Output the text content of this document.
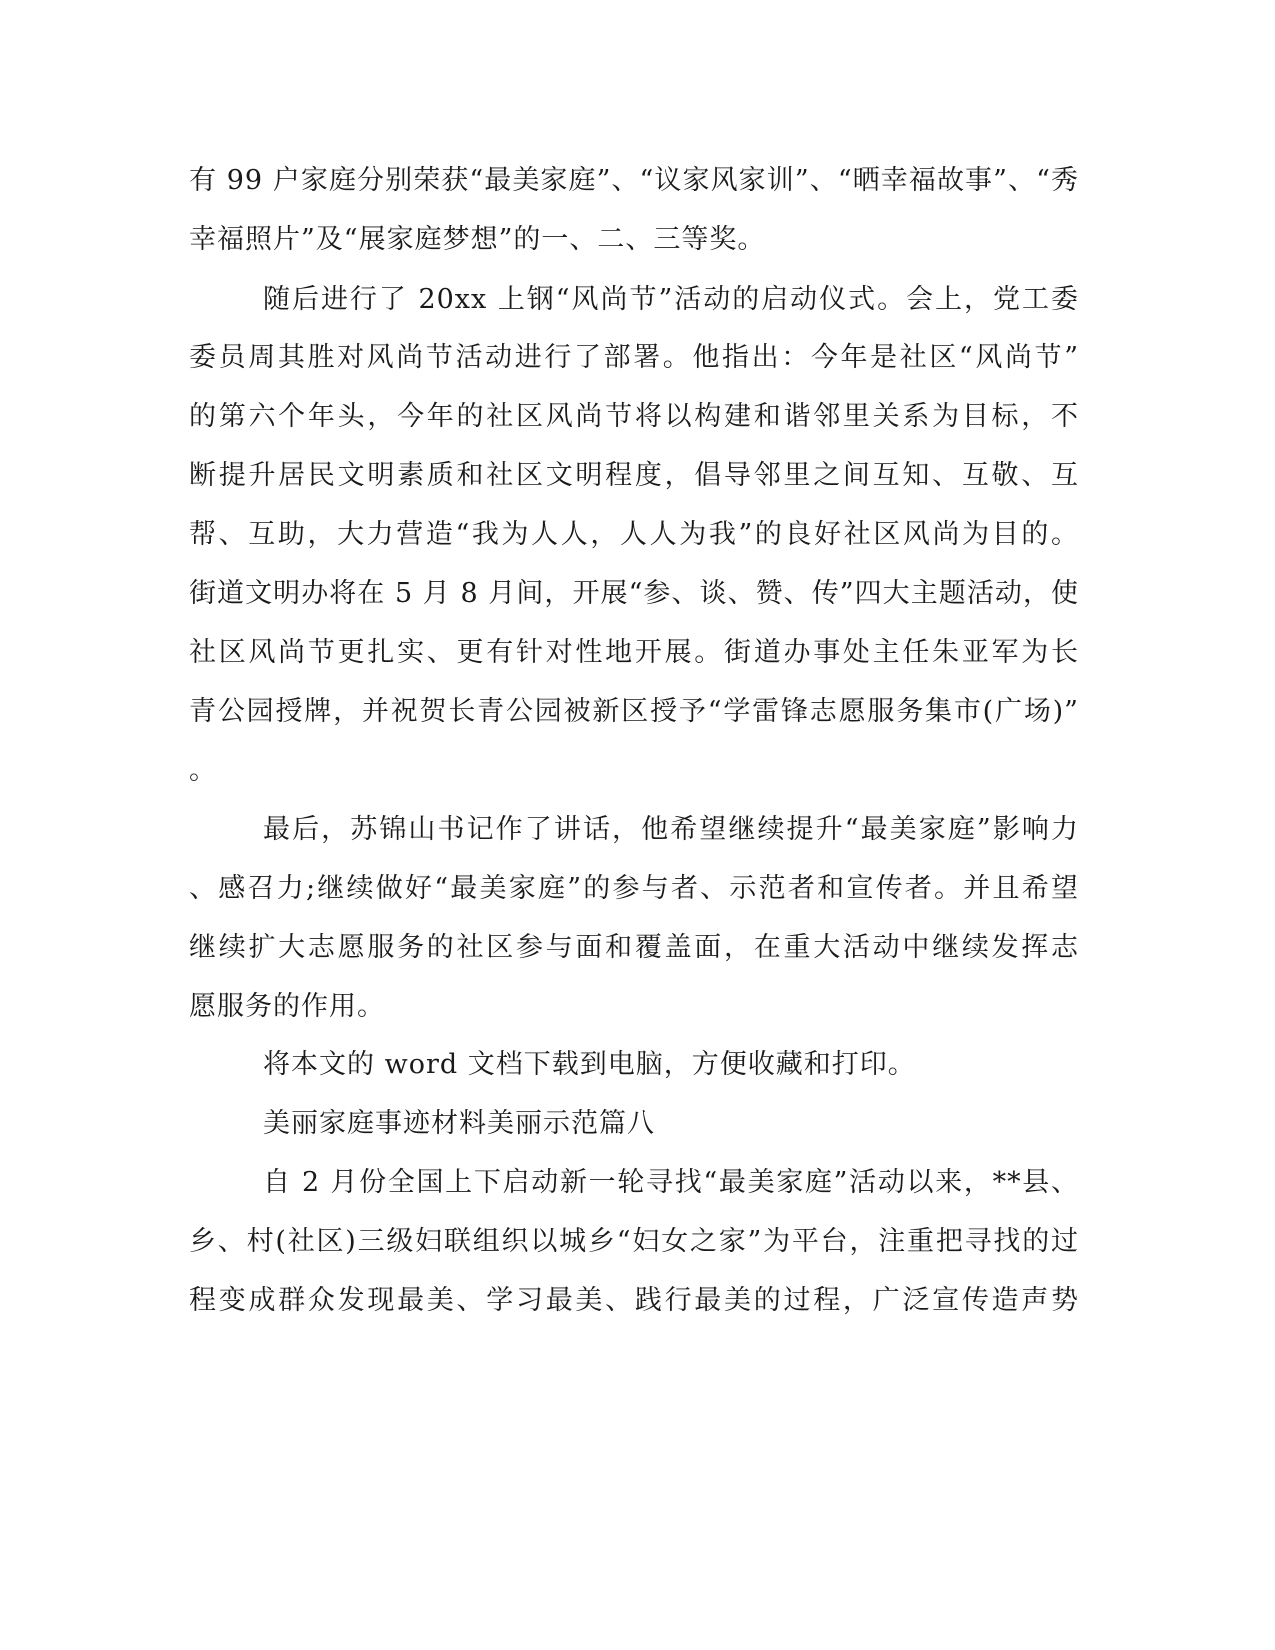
有 99 户家庭分别荣获“最美家庭”、“议家风家训”、“晒幸福故事”、“秀
幸福照片”及“展家庭梦想”的一、二、三等奖。
随后进行了 20xx 上钢“风尚节”活动的启动仪式。会上，党工委
委员周其胜对风尚节活动进行了部署。他指出：今年是社区“风尚节”
的第六个年头，今年的社区风尚节将以构建和谐邻里关系为目标，不
断提升居民文明素质和社区文明程度，倡导邻里之间互知、互敬、互
帮、互助，大力营造“我为人人，人人为我”的良好社区风尚为目的。
街道文明办将在 5 月 8 月间，开展“参、谈、赞、传”四大主题活动，使
社区风尚节更扎实、更有针对性地开展。街道办事处主任朱亚军为长
青公园授牌，并祝贺长青公园被新区授予“学雷锋志愿服务集市(广场)”
。
最后，苏锦山书记作了讲话，他希望继续提升“最美家庭”影响力
、感召力;继续做好“最美家庭”的参与者、示范者和宣传者。并且希望
继续扩大志愿服务的社区参与面和覆盖面，在重大活动中继续发挥志
愿服务的作用。
将本文的 word 文档下载到电脑，方便收藏和打印。
美丽家庭事迹材料美丽示范篇八
自 2 月份全国上下启动新一轮寻找“最美家庭”活动以来，**县、
乡、村(社区)三级妇联组织以城乡“妇女之家”为平台，注重把寻找的过
程变成群众发现最美、学习最美、践行最美的过程，广泛宣传造声势
